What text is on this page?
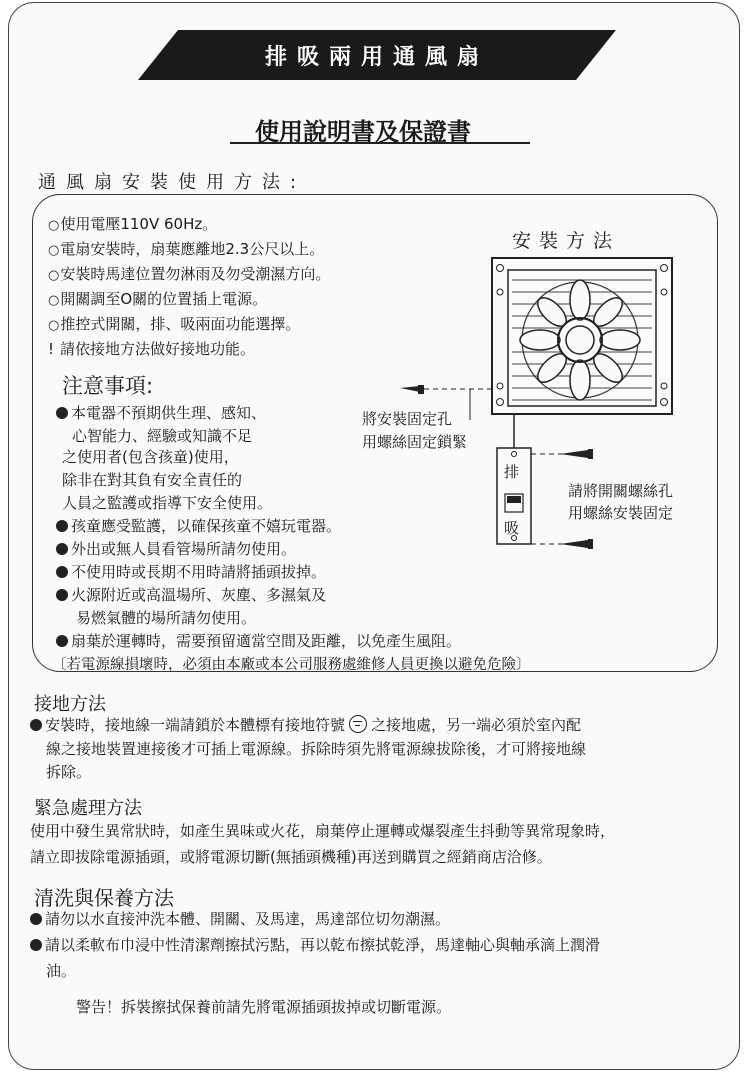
排吸兩用通風扇
使用說明書及保證書
通風扇安裝使用方法:
○使用電壓110V 60Hz。
○電扇安裝時，扇葉應離地2.3公尺以上。
○安裝時馬達位置勿淋雨及勿受潮濕方向。
○開關調至O關的位置插上電源。
○推控式開關，排、吸兩面功能選擇。
! 請依接地方法做好接地功能。
注意事項:
本電器不預期供生理、感知、
心智能力、經驗或知識不足
之使用者(包含孩童)使用，
除非在對其負有安全責任的
人員之監護或指導下安全使用。
孩童應受監護，以確保孩童不嬉玩電器。
外出或無人員看管場所請勿使用。
不使用時或長期不用時請將插頭拔掉。
火源附近或高溫場所、灰塵、多濕氣及
易燃氣體的場所請勿使用。
扇葉於運轉時，需要預留適當空間及距離，以免產生風阻。
〔若電源線損壞時，必須由本廠或本公司服務處維修人員更換以避免危險〕
安裝方法
排
吸
將安裝固定孔
用螺絲固定鎖緊
請將開關螺絲孔
用螺絲安裝固定
接地方法
安裝時，接地線一端請鎖於本體標有接地符號 之接地處，另一端必須於室內配
線之接地裝置連接後才可插上電源線。拆除時須先將電源線拔除後，才可將接地線
拆除。
緊急處理方法
使用中發生異常狀時，如產生異味或火花，扇葉停止運轉或爆裂產生抖動等異常現象時，
請立即拔除電源插頭，或將電源切斷(無插頭機種)再送到購買之經銷商店洽修。
清洗與保養方法
請勿以水直接沖洗本體、開關、及馬達，馬達部位切勿潮濕。
請以柔軟布巾浸中性清潔劑擦拭污點，再以乾布擦拭乾淨，馬達軸心與軸承滴上潤滑
油。
警告！拆裝擦拭保養前請先將電源插頭拔掉或切斷電源。
